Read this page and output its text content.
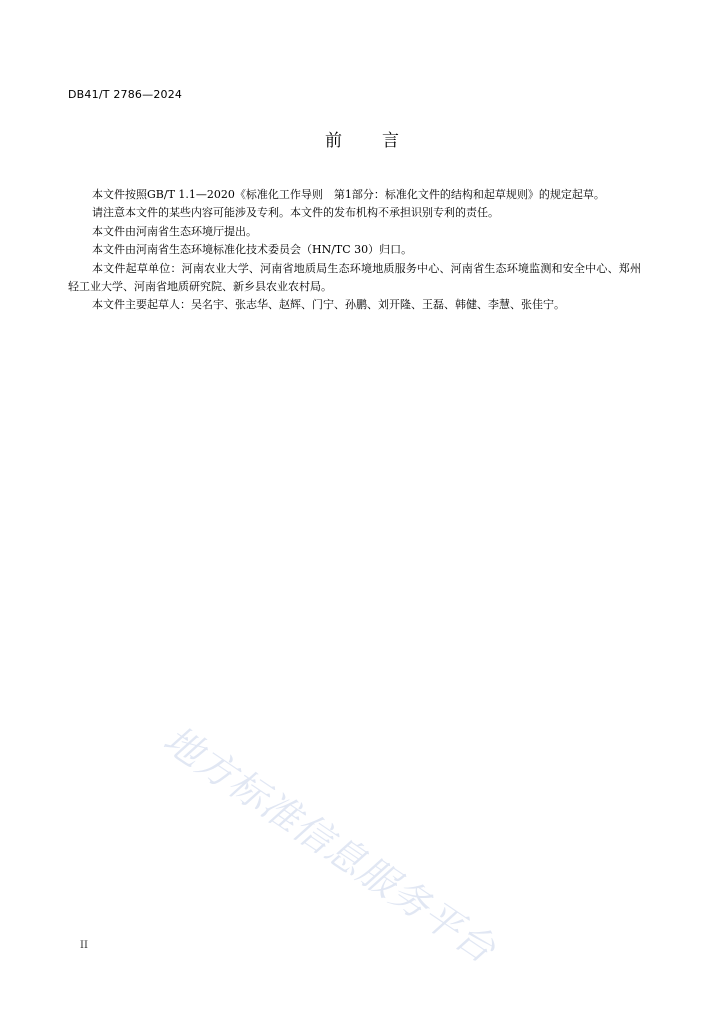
DB41/T 2786—2024
前言

本文件按照GB/T 1.1—2020《标准化工作导则　第1部分：标准化文件的结构和起草规则》的规定起草。

请注意本文件的某些内容可能涉及专利。本文件的发布机构不承担识别专利的责任。

本文件由河南省生态环境厅提出。

本文件由河南省生态环境标准化技术委员会（HN/TC 30）归口。

本文件起草单位：河南农业大学、河南省地质局生态环境地质服务中心、河南省生态环境监测和安全中心、郑州轻工业大学、河南省地质研究院、新乡县农业农村局。

本文件主要起草人：吴名宇、张志华、赵辉、门宁、孙鹏、刘开隆、王磊、韩健、李慧、张佳宁。

地方标准信息服务平台
II
